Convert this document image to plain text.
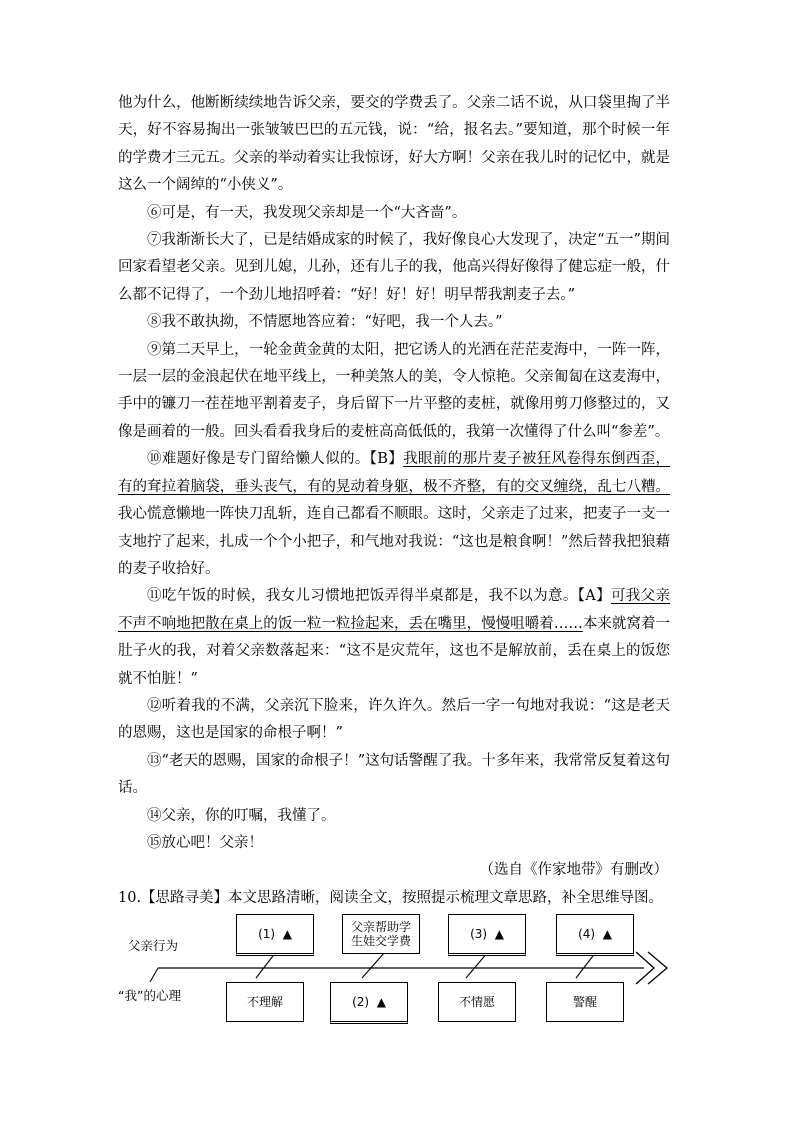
他为什么，他断断续续地告诉父亲，要交的学费丢了。父亲二话不说，从口袋里掏了半天，好不容易掏出一张皱皱巴巴的五元钱，说：“给，报名去。”要知道，那个时候一年的学费才三元五。父亲的举动着实让我惊讶，好大方啊！父亲在我儿时的记忆中，就是这么一个阔绰的“小侠义”。

⑥可是，有一天，我发现父亲却是一个“大吝啬”。

⑦我渐渐长大了，已是结婚成家的时候了，我好像良心大发现了，决定“五一”期间回家看望老父亲。见到儿媳，儿孙，还有儿子的我，他高兴得好像得了健忘症一般，什么都不记得了，一个劲儿地招呼着：“好！好！好！明早帮我割麦子去。”

⑧我不敢执拗，不情愿地答应着：“好吧，我一个人去。”

⑨第二天早上，一轮金黄金黄的太阳，把它诱人的光洒在茫茫麦海中，一阵一阵，一层一层的金浪起伏在地平线上，一种美煞人的美，令人惊艳。父亲匍匐在这麦海中，手中的镰刀一茬茬地平割着麦子，身后留下一片平整的麦桩，就像用剪刀修整过的，又像是画着的一般。回头看看我身后的麦桩高高低低的，我第一次懂得了什么叫“参差”。

⑩难题好像是专门留给懒人似的。【B】我眼前的那片麦子被狂风卷得东倒西歪，有的耷拉着脑袋，垂头丧气，有的晃动着身躯，极不齐整，有的交叉缠绕，乱七八糟。我心慌意懒地一阵快刀乱斩，连自己都看不顺眼。这时，父亲走了过来，把麦子一支一支地拧了起来，扎成一个个小把子，和气地对我说：“这也是粮食啊！”然后替我把狼藉的麦子收拾好。

⑪吃午饭的时候，我女儿习惯地把饭弄得半桌都是，我不以为意。【A】可我父亲不声不响地把散在桌上的饭一粒一粒捡起来，丢在嘴里，慢慢咀嚼着……本来就窝着一肚子火的我，对着父亲数落起来：“这不是灾荒年，这也不是解放前，丢在桌上的饭您就不怕脏！”

⑫听着我的不满，父亲沉下脸来，许久许久。然后一字一句地对我说：“这是老天的恩赐，这也是国家的命根子啊！”

⑬“老天的恩赐，国家的命根子！”这句话警醒了我。十多年来，我常常反复着这句话。

⑭父亲，你的叮嘱，我懂了。

⑮放心吧！父亲！

（选自《作家地带》有删改）

10.【思路寻美】本文思路清晰，阅读全文，按照提示梳理文章思路，补全思维导图。

父亲行为
“我”的心理
(1)  ▲	父亲帮助学
生娃交学费	(3)  ▲	(4)  ▲
不理解	(2)  ▲	不情愿	警醒
